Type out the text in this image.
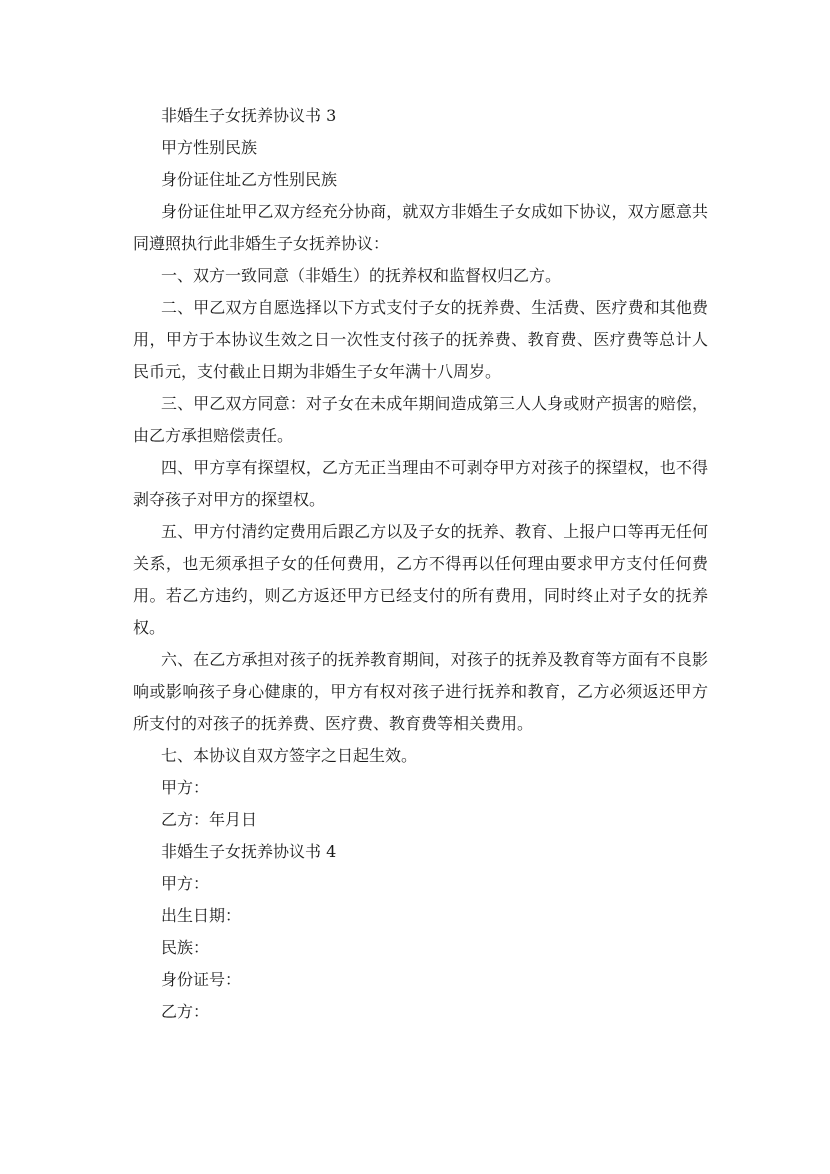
非婚生子女抚养协议书 3

甲方性别民族

身份证住址乙方性别民族

身份证住址甲乙双方经充分协商，就双方非婚生子女成如下协议，双方愿意共同遵照执行此非婚生子女抚养协议：

一、双方一致同意（非婚生）的抚养权和监督权归乙方。

二、甲乙双方自愿选择以下方式支付子女的抚养费、生活费、医疗费和其他费用，甲方于本协议生效之日一次性支付孩子的抚养费、教育费、医疗费等总计人民币元，支付截止日期为非婚生子女年满十八周岁。

三、甲乙双方同意：对子女在未成年期间造成第三人人身或财产损害的赔偿，由乙方承担赔偿责任。

四、甲方享有探望权，乙方无正当理由不可剥夺甲方对孩子的探望权，也不得剥夺孩子对甲方的探望权。

五、甲方付清约定费用后跟乙方以及子女的抚养、教育、上报户口等再无任何关系，也无须承担子女的任何费用，乙方不得再以任何理由要求甲方支付任何费用。若乙方违约，则乙方返还甲方已经支付的所有费用，同时终止对子女的抚养权。

六、在乙方承担对孩子的抚养教育期间，对孩子的抚养及教育等方面有不良影响或影响孩子身心健康的，甲方有权对孩子进行抚养和教育，乙方必须返还甲方所支付的对孩子的抚养费、医疗费、教育费等相关费用。

七、本协议自双方签字之日起生效。

甲方：

乙方：年月日

非婚生子女抚养协议书 4

甲方：

出生日期：

民族：

身份证号：

乙方：
